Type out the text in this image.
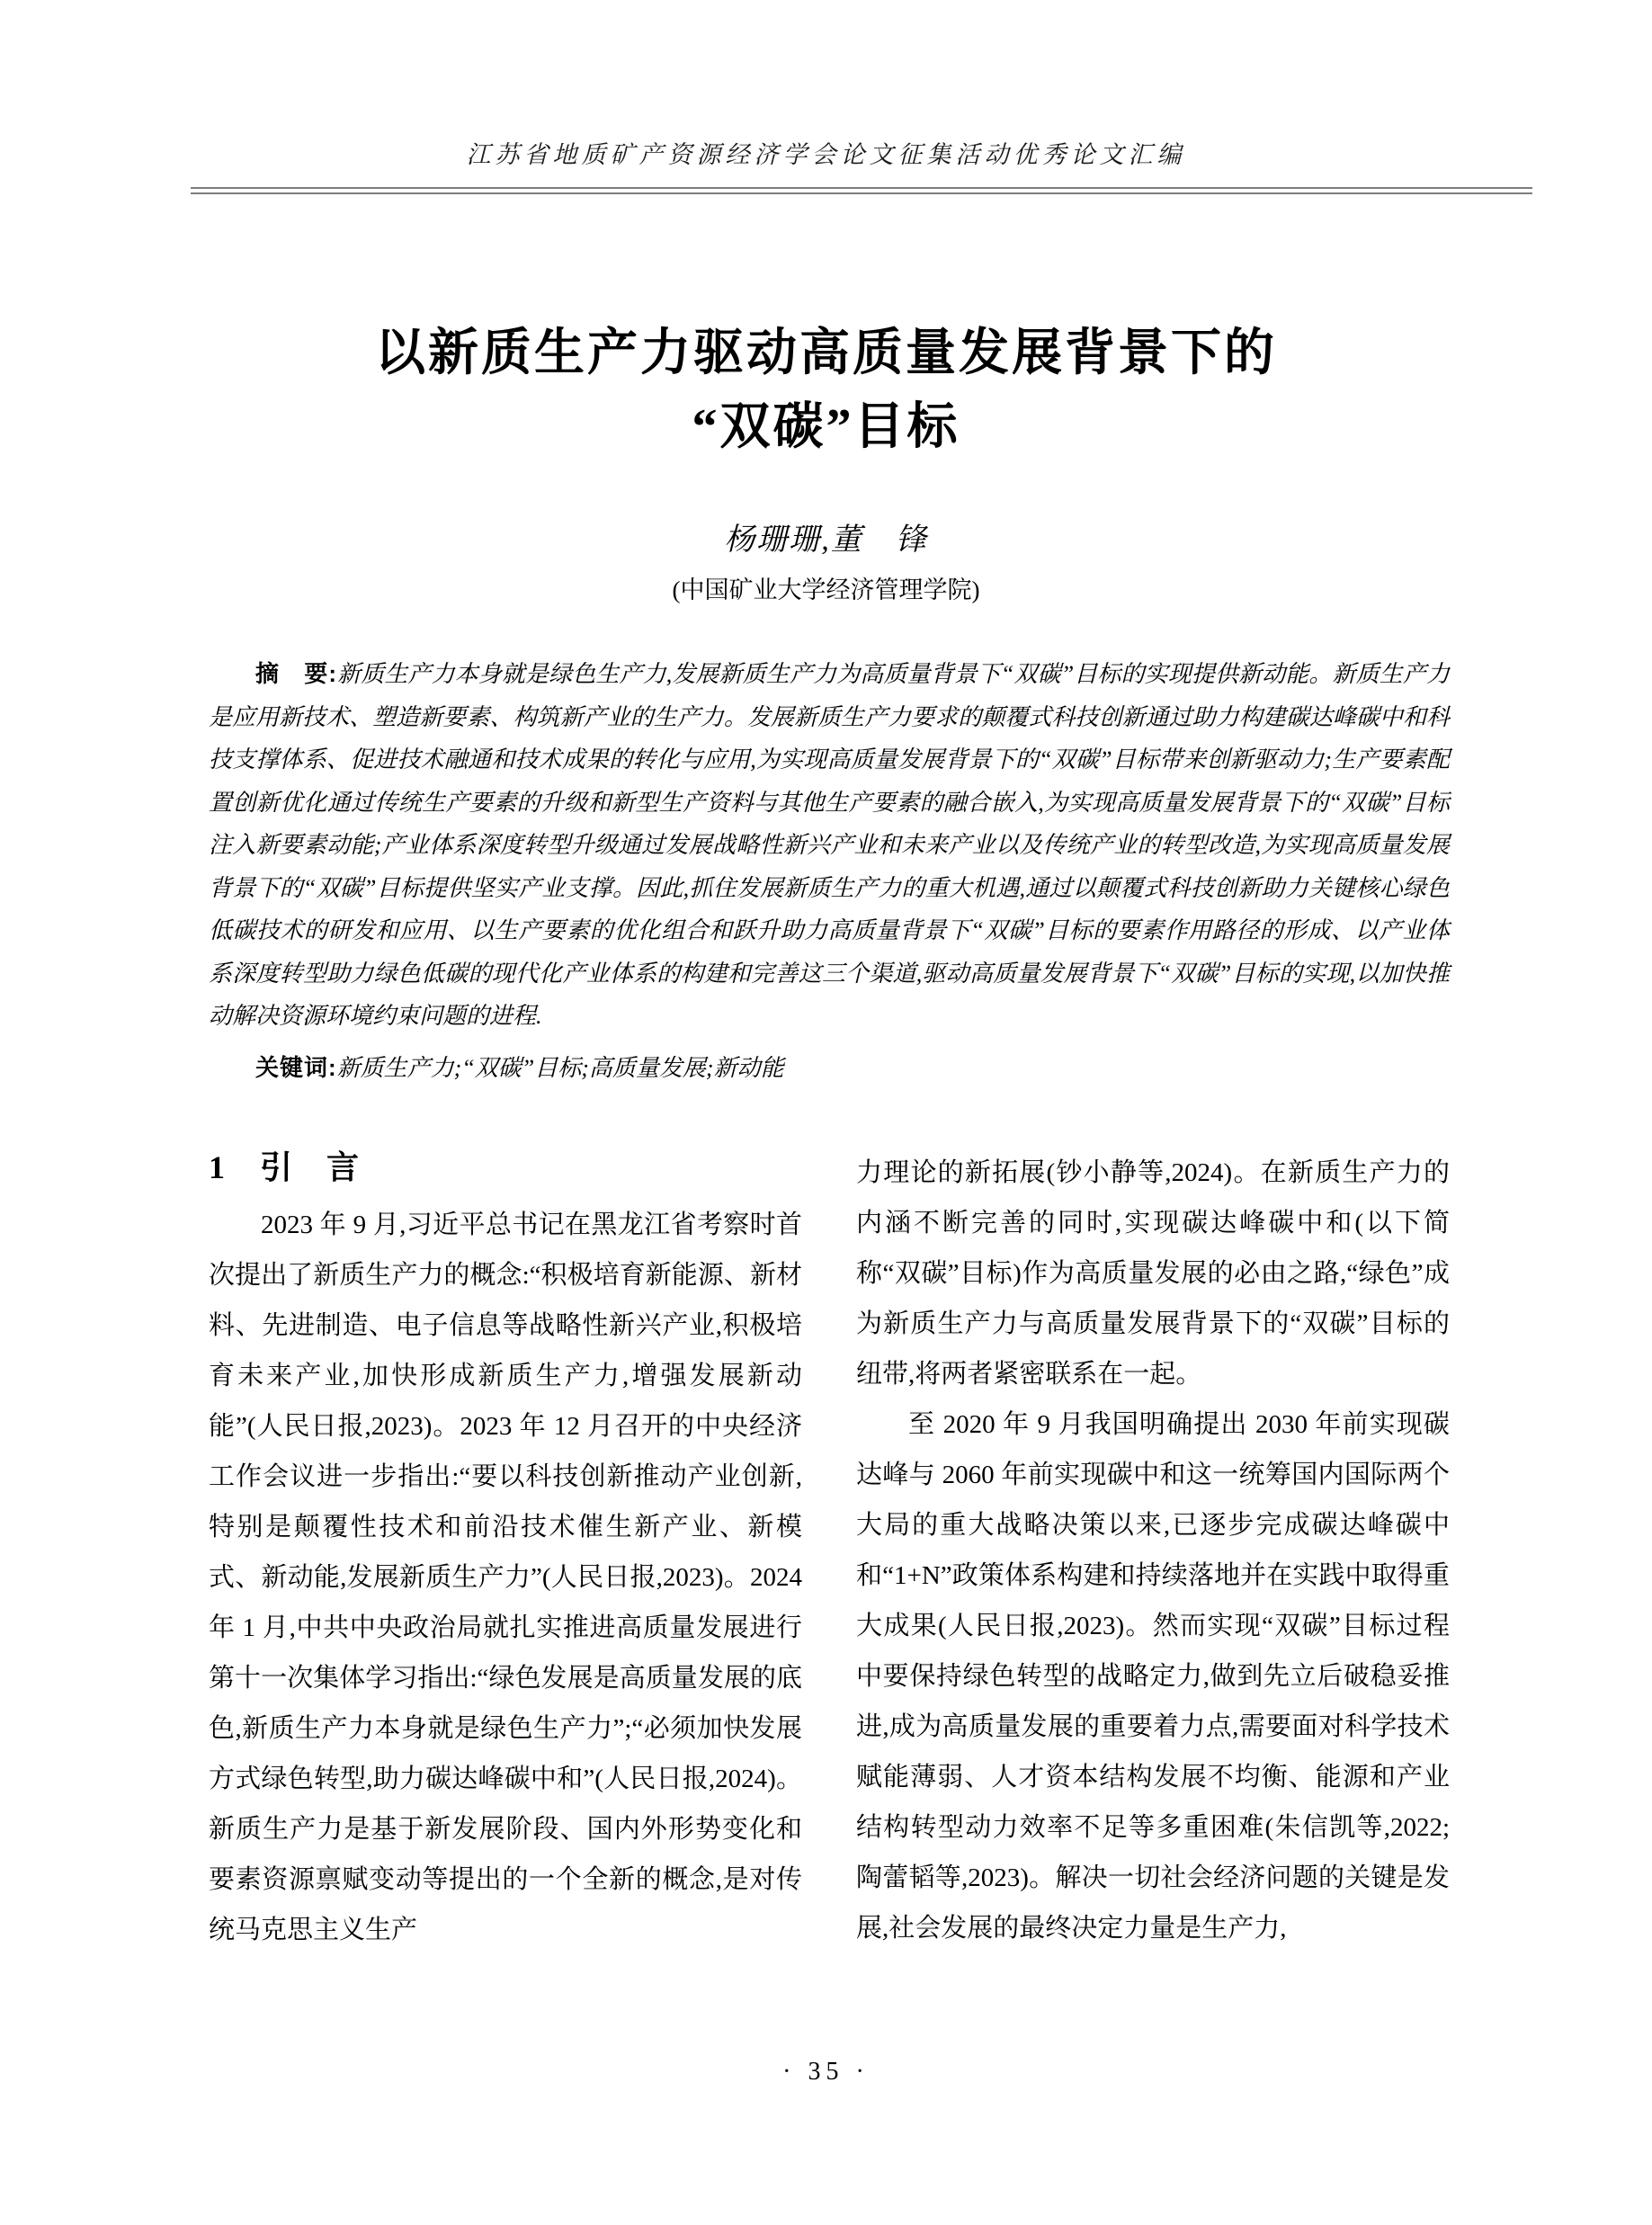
江苏省地质矿产资源经济学会论文征集活动优秀论文汇编
以新质生产力驱动高质量发展背景下的
“双碳”目标
杨珊珊,董　锋
(中国矿业大学经济管理学院)

摘　要:新质生产力本身就是绿色生产力,发展新质生产力为高质量背景下“双碳”目标的实现提供新动能。新质生产力是应用新技术、塑造新要素、构筑新产业的生产力。发展新质生产力要求的颠覆式科技创新通过助力构建碳达峰碳中和科技支撑体系、促进技术融通和技术成果的转化与应用,为实现高质量发展背景下的“双碳”目标带来创新驱动力;生产要素配置创新优化通过传统生产要素的升级和新型生产资料与其他生产要素的融合嵌入,为实现高质量发展背景下的“双碳”目标注入新要素动能;产业体系深度转型升级通过发展战略性新兴产业和未来产业以及传统产业的转型改造,为实现高质量发展背景下的“双碳”目标提供坚实产业支撑。因此,抓住发展新质生产力的重大机遇,通过以颠覆式科技创新助力关键核心绿色低碳技术的研发和应用、以生产要素的优化组合和跃升助力高质量背景下“双碳”目标的要素作用路径的形成、以产业体系深度转型助力绿色低碳的现代化产业体系的构建和完善这三个渠道,驱动高质量发展背景下“双碳”目标的实现,以加快推动解决资源环境约束问题的进程.

关键词:新质生产力;“双碳”目标;高质量发展;新动能

1 引　言

2023 年 9 月,习近平总书记在黑龙江省考察时首次提出了新质生产力的概念:“积极培育新能源、新材料、先进制造、电子信息等战略性新兴产业,积极培育未来产业,加快形成新质生产力,增强发展新动能”(人民日报,2023)。2023 年 12 月召开的中央经济工作会议进一步指出:“要以科技创新推动产业创新,特别是颠覆性技术和前沿技术催生新产业、新模式、新动能,发展新质生产力”(人民日报,2023)。2024 年 1 月,中共中央政治局就扎实推进高质量发展进行第十一次集体学习指出:“绿色发展是高质量发展的底色,新质生产力本身就是绿色生产力”;“必须加快发展方式绿色转型,助力碳达峰碳中和”(人民日报,2024)。新质生产力是基于新发展阶段、国内外形势变化和要素资源禀赋变动等提出的一个全新的概念,是对传统马克思主义生产

力理论的新拓展(钞小静等,2024)。在新质生产力的内涵不断完善的同时,实现碳达峰碳中和(以下简称“双碳”目标)作为高质量发展的必由之路,“绿色”成为新质生产力与高质量发展背景下的“双碳”目标的纽带,将两者紧密联系在一起。

至 2020 年 9 月我国明确提出 2030 年前实现碳达峰与 2060 年前实现碳中和这一统筹国内国际两个大局的重大战略决策以来,已逐步完成碳达峰碳中和“1+N”政策体系构建和持续落地并在实践中取得重大成果(人民日报,2023)。然而实现“双碳”目标过程中要保持绿色转型的战略定力,做到先立后破稳妥推进,成为高质量发展的重要着力点,需要面对科学技术赋能薄弱、人才资本结构发展不均衡、能源和产业结构转型动力效率不足等多重困难(朱信凯等,2022;陶蕾韬等,2023)。解决一切社会经济问题的关键是发展,社会发展的最终决定力量是生产力,

· 35 ·
